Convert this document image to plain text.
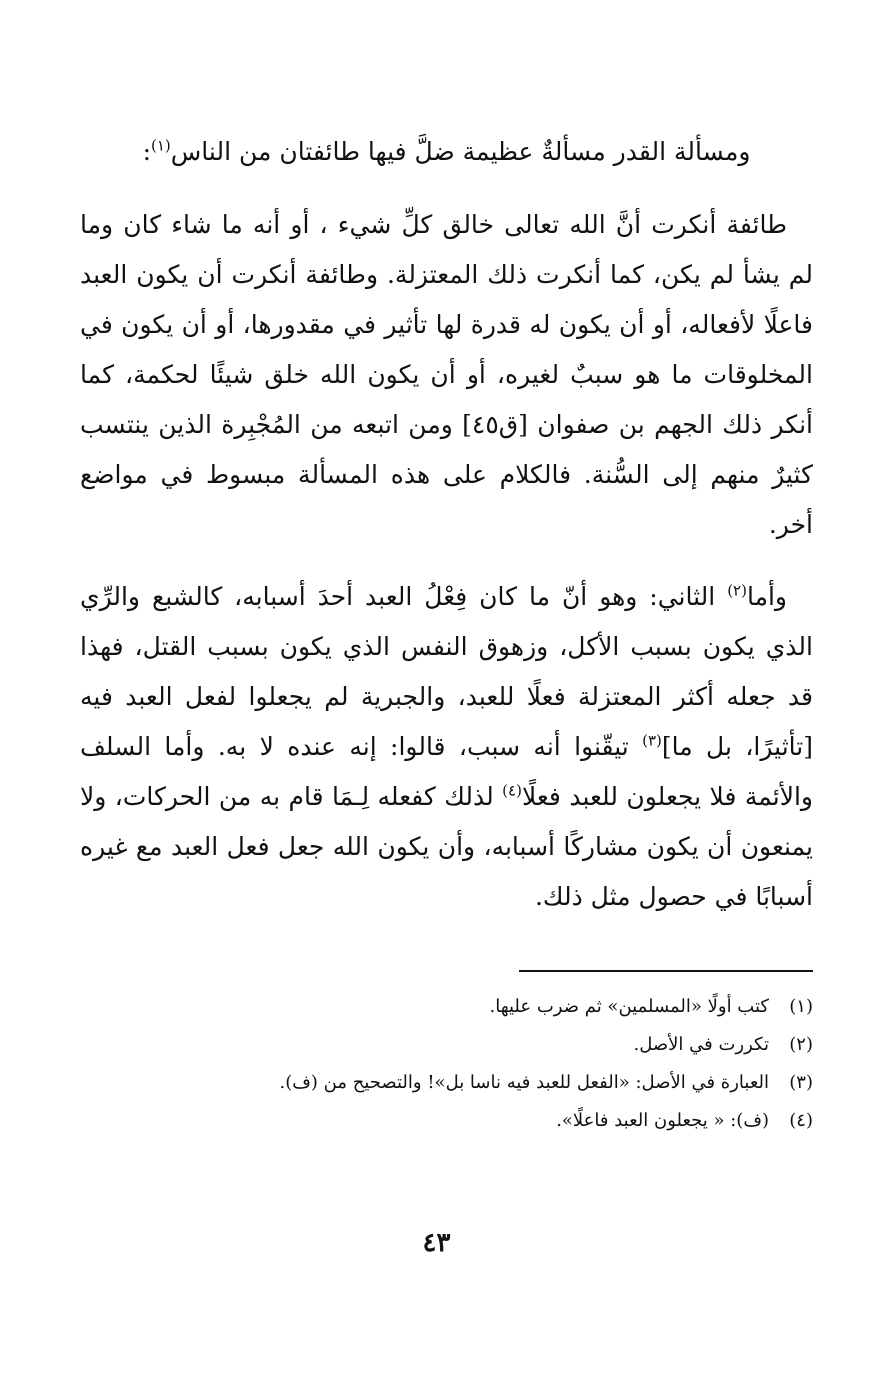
ومسألة القدر مسألةٌ عظيمة ضلَّ فيها طائفتان من الناس$^{(١)}$:

طائفة أنكرت أنَّ الله تعالى خالق كلِّ شيء ، أو أنه ما شاء كان وما لم يشأ لم يكن، كما أنكرت ذلك المعتزلة. وطائفة أنكرت أن يكون العبد فاعلًا لأفعاله، أو أن يكون له قدرة لها تأثير في مقدورها، أو أن يكون في المخلوقات ما هو سببٌ لغيره، أو أن يكون الله خلق شيئًا لحكمة، كما أنكر ذلك الجهم بن صفوان [ق٤٥] ومن اتبعه من المُجْبِرة الذين ينتسب كثيرٌ منهم إلى السُّنة. فالكلام على هذه المسألة مبسوط في مواضع أخر.

وأما$^{(٢)}$ الثاني: وهو أنّ ما كان فِعْلُ العبد أحدَ أسبابه، كالشبع والرِّي الذي يكون بسبب الأكل، وزهوق النفس الذي يكون بسبب القتل، فهذا قد جعله أكثر المعتزلة فعلًا للعبد، والجبرية لم يجعلوا لفعل العبد فيه [تأثيرًا، بل ما]$^{(٣)}$ تيقّنوا أنه سبب، قالوا: إنه عنده لا به. وأما السلف والأئمة فلا يجعلون للعبد فعلًا$^{(٤)}$ لذلك كفعله لِـمَا قام به من الحركات، ولا يمنعون أن يكون مشاركًا أسبابه، وأن يكون الله جعل فعل العبد مع غيره أسبابًا في حصول مثل ذلك.

(١)
كتب أولًا «المسلمين» ثم ضرب عليها.
(٢)
تكررت في الأصل.
(٣)
العبارة في الأصل: «الفعل للعبد فيه ناسا بل»! والتصحيح من (ف).
(٤)
(ف): « يجعلون العبد فاعلًا».
٤٣
